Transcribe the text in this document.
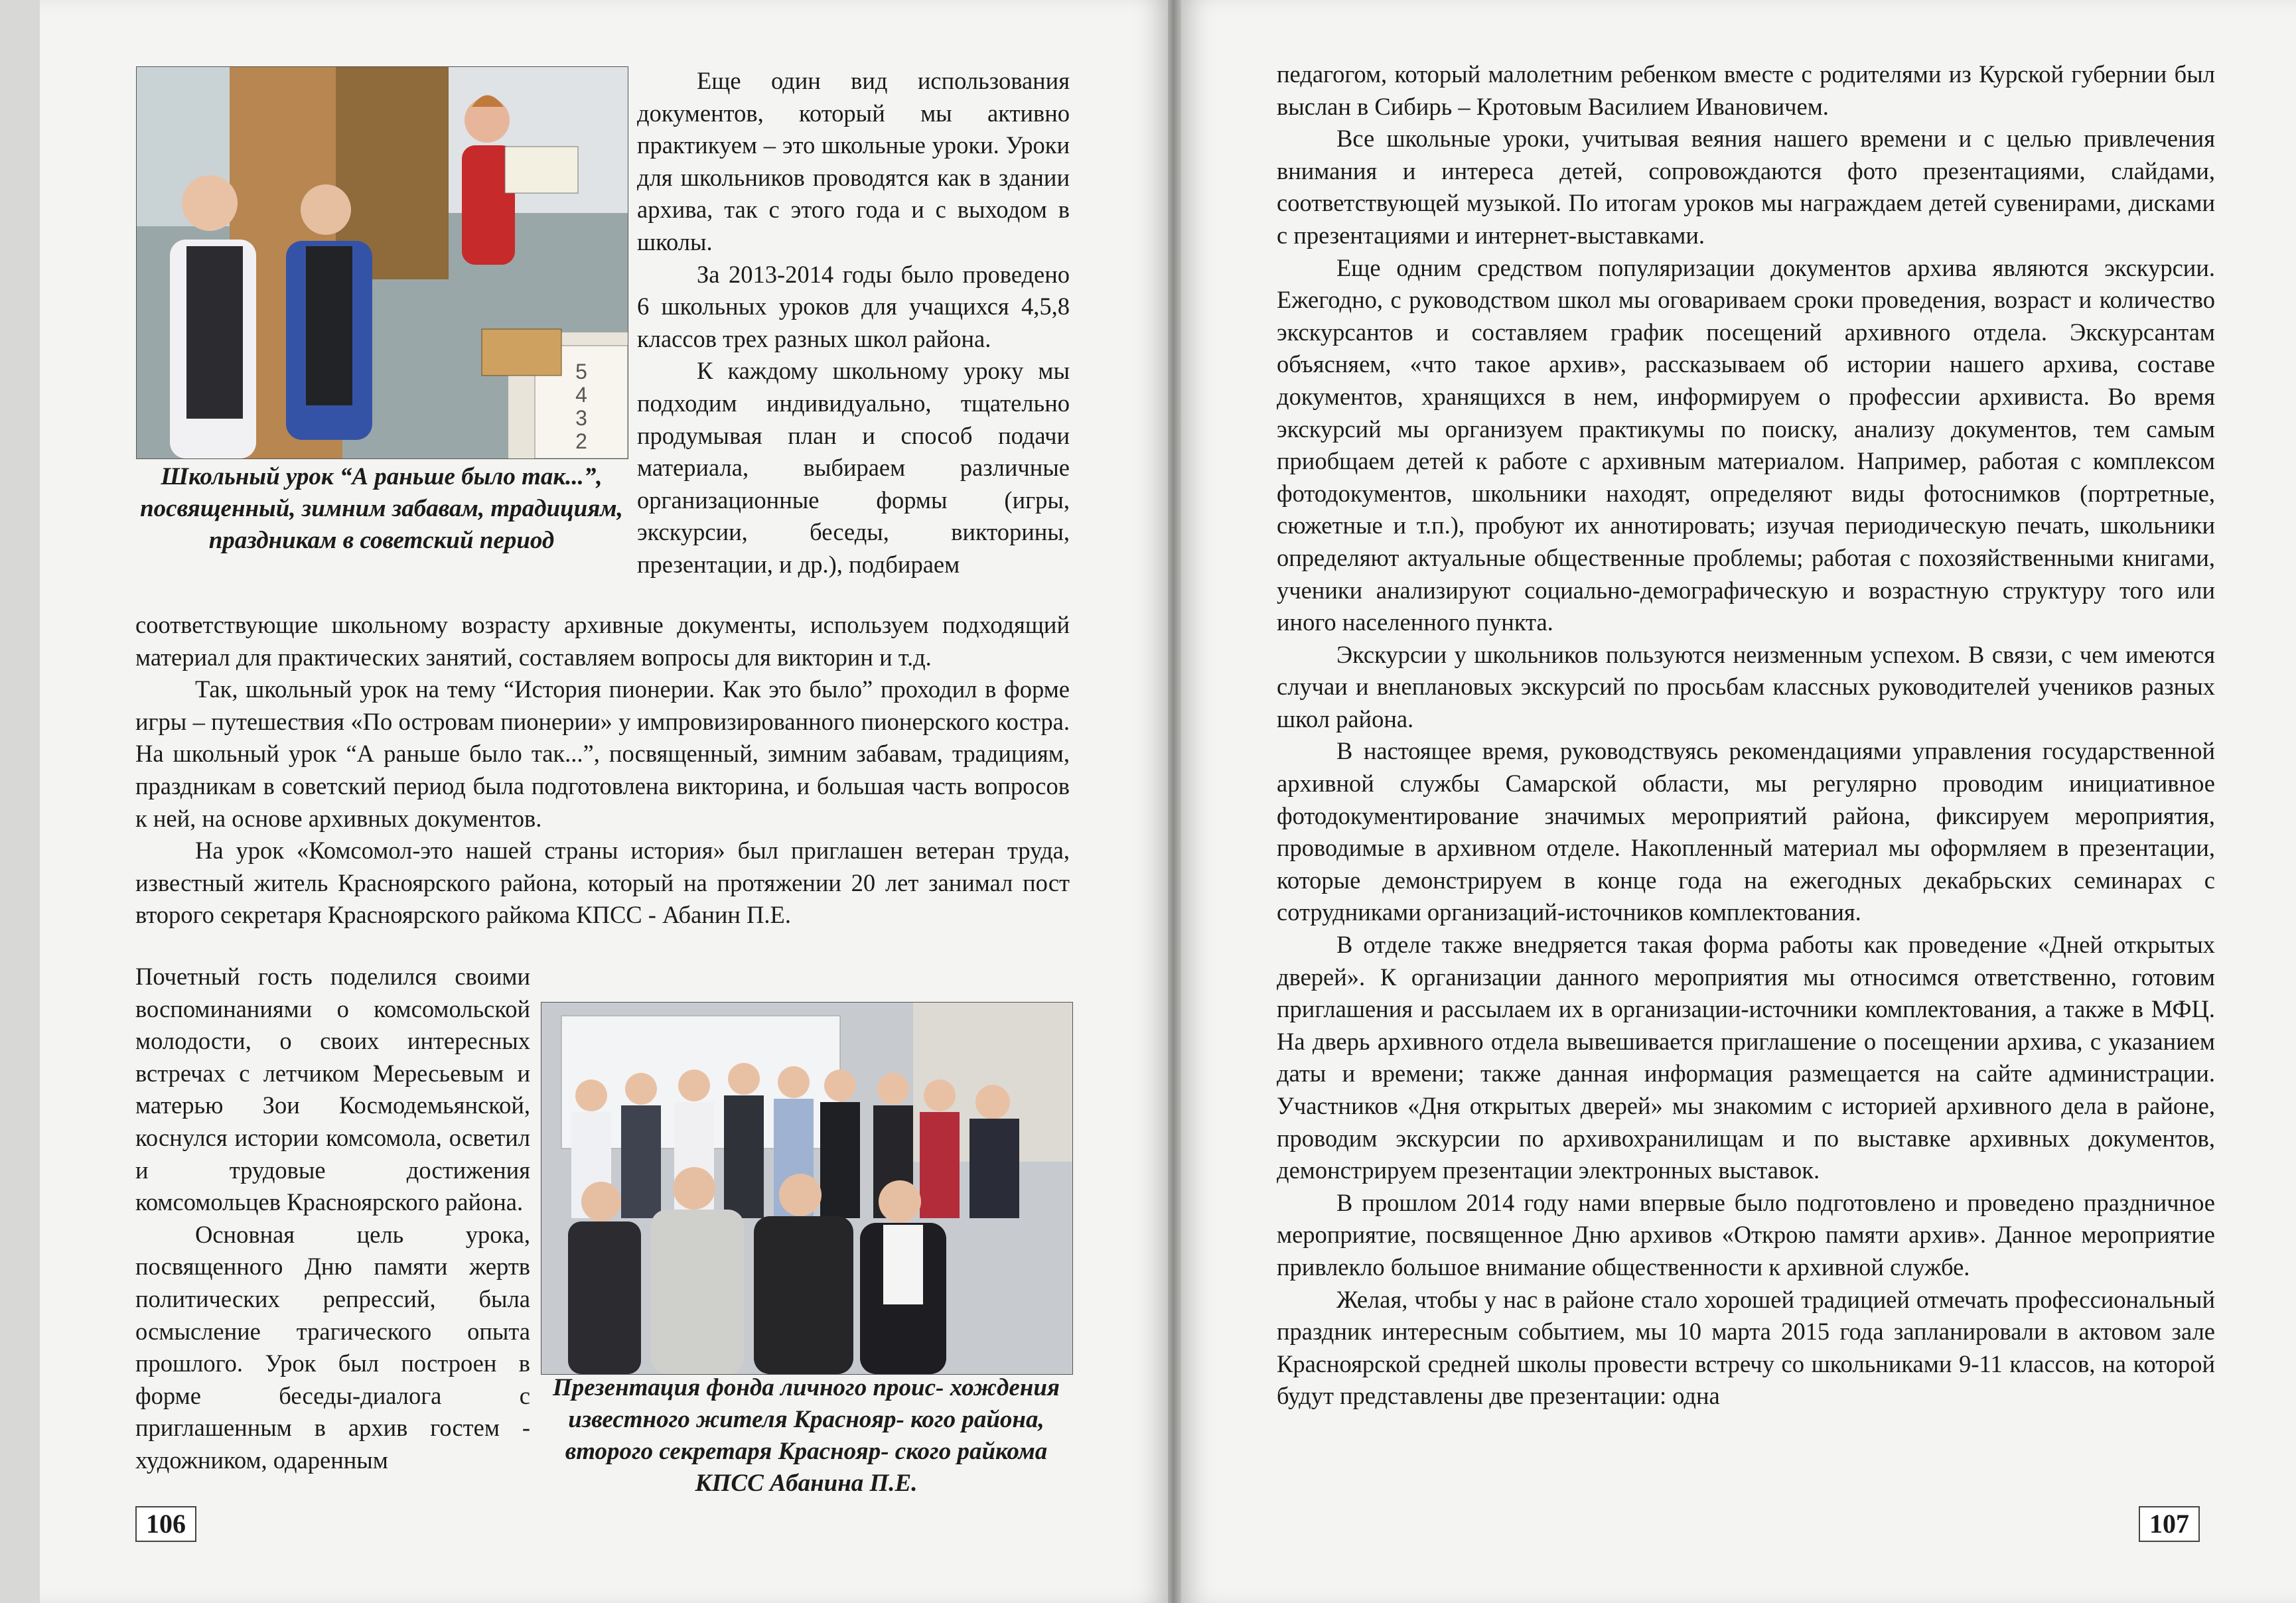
5
4
3
2
Школьный урок “А раньше было так...”, посвященный, зимним забавам, традициям, праздникам в советский период

Еще один вид использования документов, который мы активно практикуем – это школьные уроки. Уроки для школьников проводятся как в здании архива, так с этого года и с выходом в школы.

За 2013-2014 годы было проведено 6 школьных уроков для учащихся 4,5,8 классов трех разных школ района.

К каждому школьному уроку мы подходим индивидуально, тщательно продумывая план и способ подачи материала, выбираем различные организационные формы (игры, экскурсии, беседы, викторины, презентации, и др.), подбираем

соответствующие школьному возрасту архивные документы, используем подходящий материал для практических занятий, составляем вопросы для викторин и т.д.

Так, школьный урок на тему “История пионерии. Как это было” проходил в форме игры – путешествия «По островам пионерии» у импровизированного пионерского костра. На школьный урок “А раньше было так...”, посвященный, зимним забавам, традициям, праздникам в советский период была подготовлена викторина, и большая часть вопросов к ней, на основе архивных документов.

На урок «Комсомол-это нашей страны история» был приглашен ветеран труда, известный житель Красноярского района, который на протяжении 20 лет занимал пост второго секретаря Красноярского райкома КПСС - Абанин П.Е.

Почетный гость поделился своими воспоминаниями о комсомольской молодости, о своих интересных встречах с летчиком Мересьевым и матерью Зои Космодемьянской, коснулся истории комсомола, осветил и трудовые достижения комсомольцев Красноярского района.

Основная цель урока, посвященного Дню памяти жертв политических репрессий, была осмысление трагического опыта прошлого. Урок был построен в форме беседы-диалога с приглашенным в архив гостем - художником, одаренным

Презентация фонда личного проис- хождения известного жителя Краснояр- кого района, второго секретаря Краснояр- ского райкома КПСС Абанина П.Е.
106

педагогом, который малолетним ребенком вместе с родителями из Курской губернии был выслан в Сибирь – Кротовым Василием Ивановичем.

Все школьные уроки, учитывая веяния нашего времени и с целью привлечения внимания и интереса детей, сопровождаются фото презентациями, слайдами, соответствующей музыкой. По итогам уроков мы награждаем детей сувенирами, дисками с презентациями и интернет-выставками.

Еще одним средством популяризации документов архива являются экскурсии. Ежегодно, с руководством школ мы оговариваем сроки проведения, возраст и количество экскурсантов и составляем график посещений архивного отдела. Экскурсантам объясняем, «что такое архив», рассказываем об истории нашего архива, составе документов, хранящихся в нем, информируем о профессии архивиста. Во время экскурсий мы организуем практикумы по поиску, анализу документов, тем самым приобщаем детей к работе с архивным материалом. Например, работая с комплексом фотодокументов, школьники находят, определяют виды фотоснимков (портретные, сюжетные и т.п.), пробуют их аннотировать; изучая периодическую печать, школьники определяют актуальные общественные проблемы; работая с похозяйственными книгами, ученики анализируют социально-демографическую и возрастную структуру того или иного населенного пункта.

Экскурсии у школьников пользуются неизменным успехом. В связи, с чем имеются случаи и внеплановых экскурсий по просьбам классных руководителей учеников разных школ района.

В настоящее время, руководствуясь рекомендациями управления государственной архивной службы Самарской области, мы регулярно проводим инициативное фотодокументирование значимых мероприятий района, фиксируем мероприятия, проводимые в архивном отделе. Накопленный материал мы оформляем в презентации, которые демонстрируем в конце года на ежегодных декабрьских семинарах с сотрудниками организаций-источников комплектования.

В отделе также внедряется такая форма работы как проведение «Дней открытых дверей». К организации данного мероприятия мы относимся ответственно, готовим приглашения и рассылаем их в организации-источники комплектования, а также в МФЦ. На дверь архивного отдела вывешивается приглашение о посещении архива, с указанием даты и времени; также данная информация размещается на сайте администрации. Участников «Дня открытых дверей» мы знакомим с историей архивного дела в районе, проводим экскурсии по архивохранилищам и по выставке архивных документов, демонстрируем презентации электронных выставок.

В прошлом 2014 году нами впервые было подготовлено и проведено праздничное мероприятие, посвященное Дню архивов «Открою памяти архив». Данное мероприятие привлекло большое внимание общественности к архивной службе.

Желая, чтобы у нас в районе стало хорошей традицией отмечать профессиональный праздник интересным событием, мы 10 марта 2015 года запланировали в актовом зале Красноярской средней школы провести встречу со школьниками 9-11 классов, на которой будут представлены две презентации: одна

107
